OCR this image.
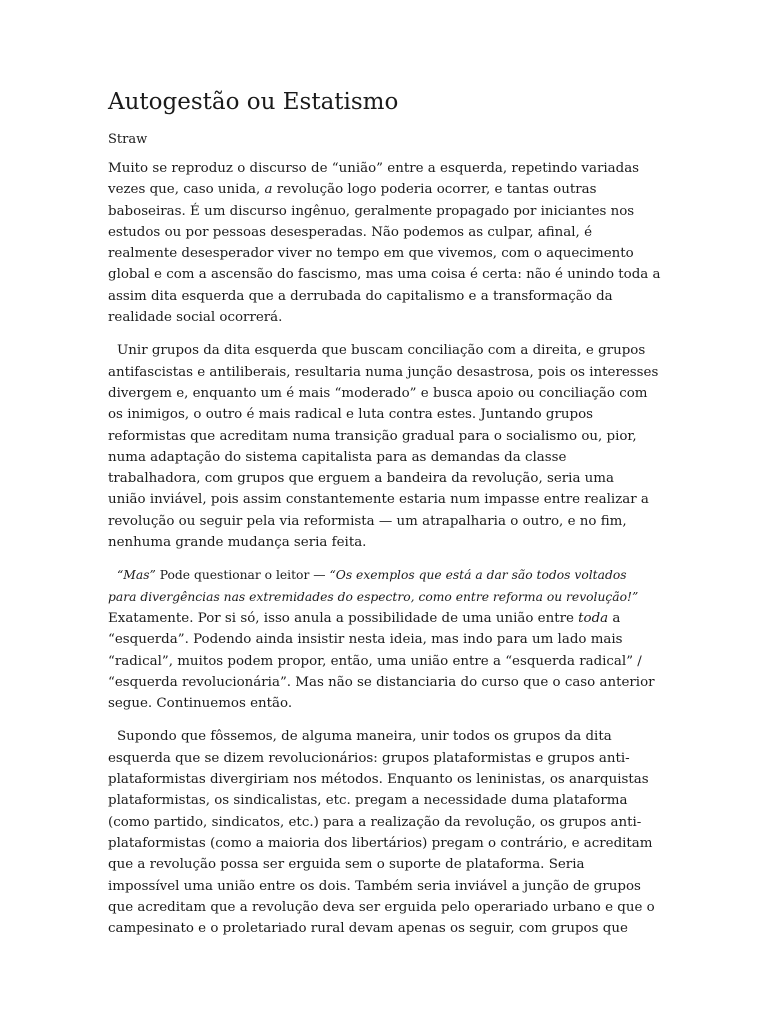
Autogestão ou Estatismo

Straw

Muito se reproduz o discurso de “união” entre a esquerda, repetindo variadas
vezes que, caso unida, a revolução logo poderia ocorrer, e tantas outras
baboseiras. É um discurso ingênuo, geralmente propagado por iniciantes nos
estudos ou por pessoas desesperadas. Não podemos as culpar, afinal, é
realmente desesperador viver no tempo em que vivemos, com o aquecimento
global e com a ascensão do fascismo, mas uma coisa é certa: não é unindo toda a
assim dita esquerda que a derrubada do capitalismo e a transformação da
realidade social ocorrerá.
Unir grupos da dita esquerda que buscam conciliação com a direita, e grupos
antifascistas e antiliberais, resultaria numa junção desastrosa, pois os interesses
divergem e, enquanto um é mais “moderado” e busca apoio ou conciliação com
os inimigos, o outro é mais radical e luta contra estes. Juntando grupos
reformistas que acreditam numa transição gradual para o socialismo ou, pior,
numa adaptação do sistema capitalista para as demandas da classe
trabalhadora, com grupos que erguem a bandeira da revolução, seria uma
união inviável, pois assim constantemente estaria num impasse entre realizar a
revolução ou seguir pela via reformista — um atrapalharia o outro, e no fim,
nenhuma grande mudança seria feita.
“Mas” Pode questionar o leitor — “Os exemplos que está a dar são todos voltados
para divergências nas extremidades do espectro, como entre reforma ou revolução!”
Exatamente. Por si só, isso anula a possibilidade de uma união entre toda a
“esquerda”. Podendo ainda insistir nesta ideia, mas indo para um lado mais
“radical”, muitos podem propor, então, uma união entre a “esquerda radical” /
“esquerda revolucionária”. Mas não se distanciaria do curso que o caso anterior
segue. Continuemos então.
Supondo que fôssemos, de alguma maneira, unir todos os grupos da dita
esquerda que se dizem revolucionários: grupos plataformistas e grupos anti-
plataformistas divergiriam nos métodos. Enquanto os leninistas, os anarquistas
plataformistas, os sindicalistas, etc. pregam a necessidade duma plataforma
(como partido, sindicatos, etc.) para a realização da revolução, os grupos anti-
plataformistas (como a maioria dos libertários) pregam o contrário, e acreditam
que a revolução possa ser erguida sem o suporte de plataforma. Seria
impossível uma união entre os dois. Também seria inviável a junção de grupos
que acreditam que a revolução deva ser erguida pelo operariado urbano e que o
campesinato e o proletariado rural devam apenas os seguir, com grupos que
